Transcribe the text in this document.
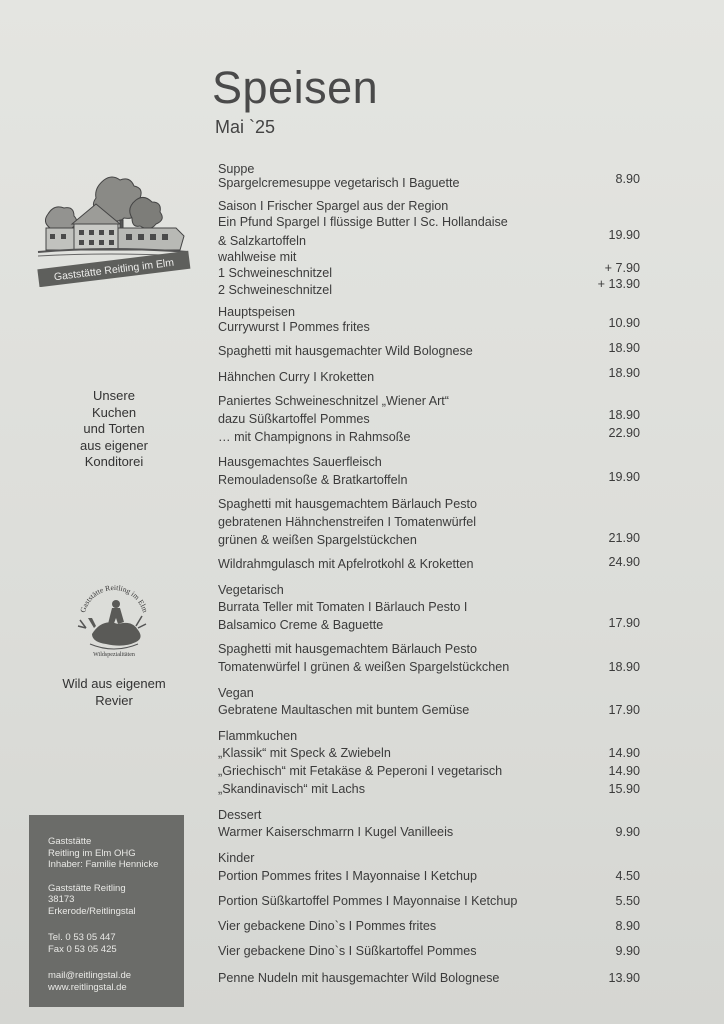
Speisen
Mai `25
Gaststätte Reitling im Elm
Unsere
Kuchen
und Torten
aus eigener
Konditorei
Gaststätte Reitling im Elm
Wildspezialitäten
Wild aus eigenem
Revier
Gaststätte
Reitling im Elm OHG
Inhaber: Familie Hennicke
Gaststätte Reitling
38173
Erkerode/Reitlingstal
Tel. 0 53 05 447
Fax 0 53 05 425
mail@reitlingstal.de
www.reitlingstal.de
Suppe
Spargelcremesuppe vegetarisch I Baguette
Saison I Frischer Spargel aus der Region
Ein Pfund Spargel I flüssige Butter I Sc. Hollandaise
& Salzkartoffeln
wahlweise mit
1 Schweineschnitzel
2 Schweineschnitzel
Hauptspeisen
Currywurst I Pommes frites
Spaghetti mit hausgemachter Wild Bolognese
Hähnchen Curry I Kroketten
Paniertes Schweineschnitzel „Wiener Art“
dazu Süßkartoffel Pommes
… mit Champignons in Rahmsoße
Hausgemachtes Sauerfleisch
Remouladensoße & Bratkartoffeln
Spaghetti mit hausgemachtem Bärlauch Pesto
gebratenen Hähnchenstreifen I Tomatenwürfel
grünen & weißen Spargelstückchen
Wildrahmgulasch mit Apfelrotkohl & Kroketten
Vegetarisch
Burrata Teller mit Tomaten I Bärlauch Pesto I
Balsamico Creme & Baguette
Spaghetti mit hausgemachtem Bärlauch Pesto
Tomatenwürfel I grünen & weißen Spargelstückchen
Vegan
Gebratene Maultaschen mit buntem Gemüse
Flammkuchen
„Klassik“ mit Speck & Zwiebeln
„Griechisch“ mit Fetakäse & Peperoni I vegetarisch
„Skandinavisch“ mit Lachs
Dessert
Warmer Kaiserschmarrn I Kugel Vanilleeis
Kinder
Portion Pommes frites I Mayonnaise I Ketchup
Portion Süßkartoffel Pommes I Mayonnaise I Ketchup
Vier gebackene Dino`s I Pommes frites
Vier gebackene Dino`s I Süßkartoffel Pommes
Penne Nudeln mit hausgemachter Wild Bolognese
8.90
19.90
+ 7.90
+ 13.90
10.90
18.90
18.90
18.90
22.90
19.90
21.90
24.90
17.90
18.90
17.90
14.90
14.90
15.90
9.90
4.50
5.50
8.90
9.90
13.90
